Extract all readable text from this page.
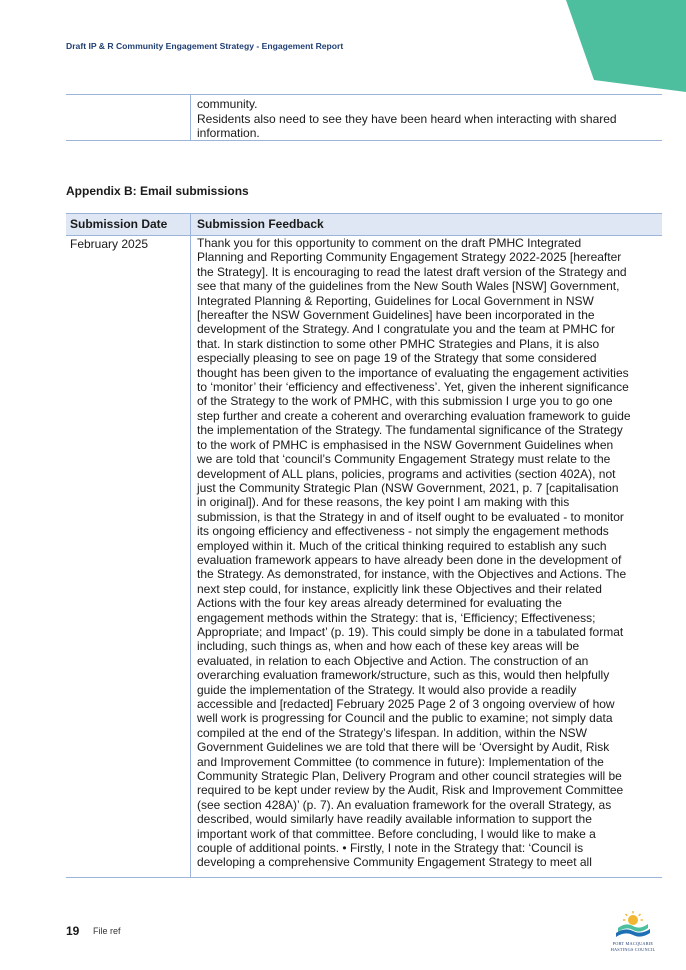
Draft IP & R Community Engagement Strategy - Engagement Report
community.
Residents also need to see they have been heard when interacting with shared
information.
Appendix B: Email submissions
Submission Date Submission Feedback
February 2025	Thank you for this opportunity to comment on the draft PMHC Integrated
Planning and Reporting Community Engagement Strategy 2022-2025 [hereafter
the Strategy]. It is encouraging to read the latest draft version of the Strategy and
see that many of the guidelines from the New South Wales [NSW] Government,
Integrated Planning & Reporting, Guidelines for Local Government in NSW
[hereafter the NSW Government Guidelines] have been incorporated in the
development of the Strategy. And I congratulate you and the team at PMHC for
that. In stark distinction to some other PMHC Strategies and Plans, it is also
especially pleasing to see on page 19 of the Strategy that some considered
thought has been given to the importance of evaluating the engagement activities
to ‘monitor’ their ‘efficiency and effectiveness’. Yet, given the inherent significance
of the Strategy to the work of PMHC, with this submission I urge you to go one
step further and create a coherent and overarching evaluation framework to guide
the implementation of the Strategy. The fundamental significance of the Strategy
to the work of PMHC is emphasised in the NSW Government Guidelines when
we are told that ‘council’s Community Engagement Strategy must relate to the
development of ALL plans, policies, programs and activities (section 402A), not
just the Community Strategic Plan (NSW Government, 2021, p. 7 [capitalisation
in original]). And for these reasons, the key point I am making with this
submission, is that the Strategy in and of itself ought to be evaluated - to monitor
its ongoing efficiency and effectiveness - not simply the engagement methods
employed within it. Much of the critical thinking required to establish any such
evaluation framework appears to have already been done in the development of
the Strategy. As demonstrated, for instance, with the Objectives and Actions. The
next step could, for instance, explicitly link these Objectives and their related
Actions with the four key areas already determined for evaluating the
engagement methods within the Strategy: that is, ‘Efficiency; Effectiveness;
Appropriate; and Impact’ (p. 19). This could simply be done in a tabulated format
including, such things as, when and how each of these key areas will be
evaluated, in relation to each Objective and Action. The construction of an
overarching evaluation framework/structure, such as this, would then helpfully
guide the implementation of the Strategy. It would also provide a readily
accessible and [redacted] February 2025 Page 2 of 3 ongoing overview of how
well work is progressing for Council and the public to examine; not simply data
compiled at the end of the Strategy’s lifespan. In addition, within the NSW
Government Guidelines we are told that there will be ‘Oversight by Audit, Risk
and Improvement Committee (to commence in future): Implementation of the
Community Strategic Plan, Delivery Program and other council strategies will be
required to be kept under review by the Audit, Risk and Improvement Committee
(see section 428A)’ (p. 7). An evaluation framework for the overall Strategy, as
described, would similarly have readily available information to support the
important work of that committee. Before concluding, I would like to make a
couple of additional points. • Firstly, I note in the Strategy that: ‘Council is
developing a comprehensive Community Engagement Strategy to meet all
19 File ref
PORT MACQUARIE
HASTINGS COUNCIL
